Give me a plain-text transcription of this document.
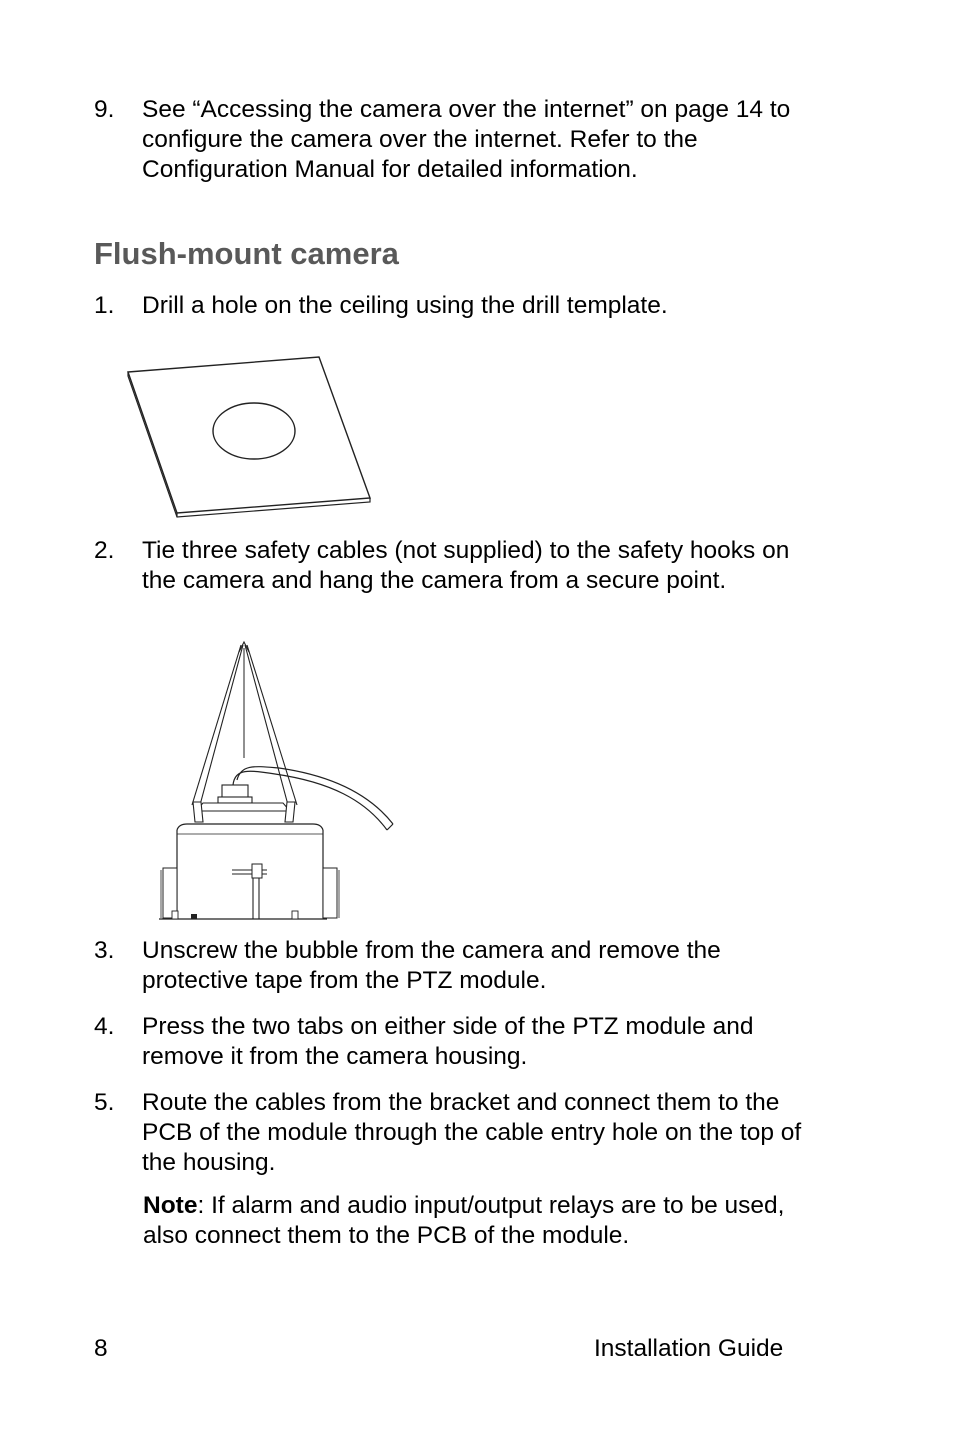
9. See “Accessing the camera over the internet” on page 14 to configure the camera over the internet. Refer to the Configuration Manual for detailed information.
Flush-mount camera
1. Drill a hole on the ceiling using the drill template.
2. Tie three safety cables (not supplied) to the safety hooks on the camera and hang the camera from a secure point.
3. Unscrew the bubble from the camera and remove the protective tape from the PTZ module.
4. Press the two tabs on either side of the PTZ module and remove it from the camera housing.
5. Route the cables from the bracket and connect them to the PCB of the module through the cable entry hole on the top of the housing.
Note: If alarm and audio input/output relays are to be used, also connect them to the PCB of the module.
8	Installation Guide
